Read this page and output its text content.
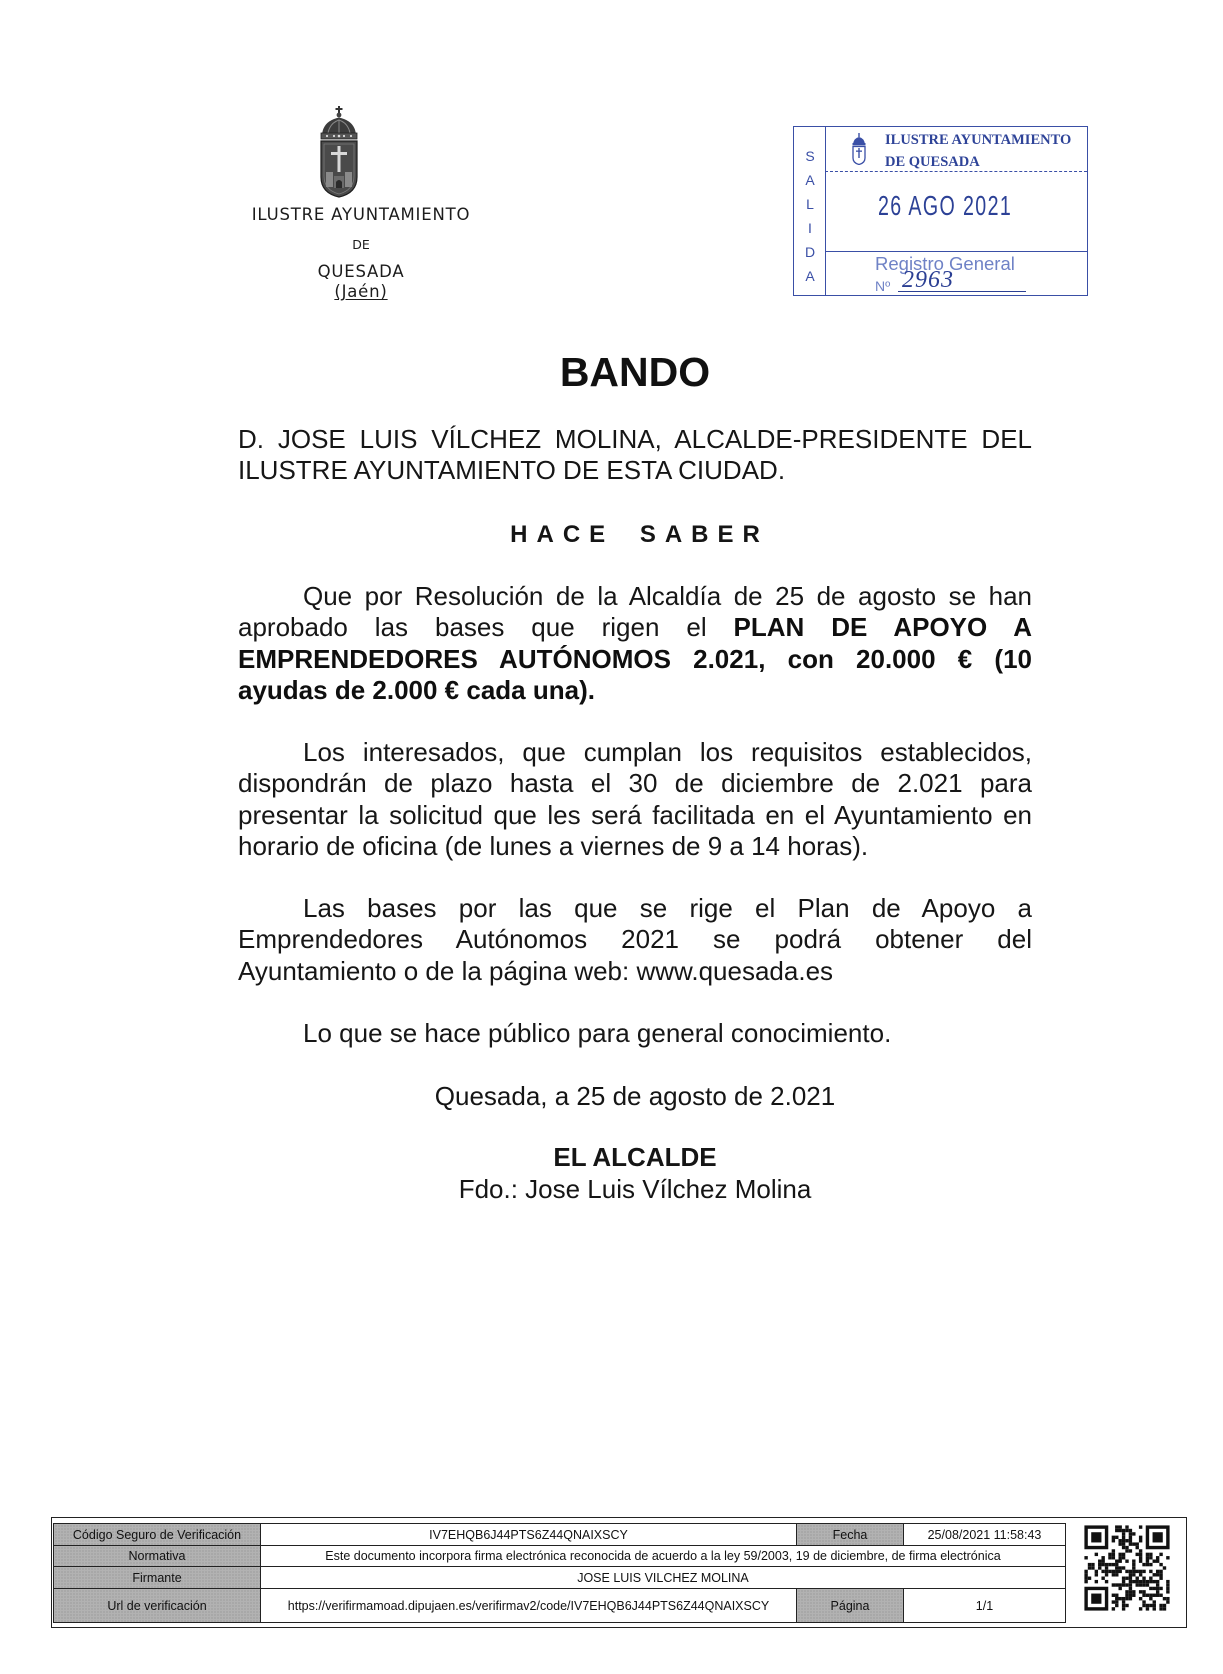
ILUSTRE AYUNTAMIENTO

DE

QUESADA

(Jaén)	SALIDA
ILUSTRE AYUNTAMIENTO
DE QUESADA
26 AGO 2021
Registro General
Nº 2963
BANDO

D. JOSE LUIS VÍLCHEZ MOLINA, ALCALDE-PRESIDENTE DEL ILUSTRE AYUNTAMIENTO DE ESTA CIUDAD.

HACE SABER

Que por Resolución de la Alcaldía de 25 de agosto se han aprobado las bases que rigen el PLAN DE APOYO A EMPRENDEDORES AUTÓNOMOS 2.021, con 20.000 € (10 ayudas de 2.000 € cada una).

Los interesados, que cumplan los requisitos establecidos, dispondrán de plazo hasta el 30 de diciembre de 2.021 para presentar la solicitud que les será facilitada en el Ayuntamiento en horario de oficina (de lunes a viernes de 9 a 14 horas).

Las bases por las que se rige el Plan de Apoyo a Emprendedores Autónomos 2021 se podrá obtener del Ayuntamiento o de la página web: www.quesada.es

Lo que se hace público para general conocimiento.

Quesada, a 25 de agosto de 2.021

EL ALCALDE

Fdo.: Jose Luis Vílchez Molina

Código Seguro de Verificación	IV7EHQB6J44PTS6Z44QNAIXSCY	Fecha	25/08/2021 11:58:43
Normativa	Este documento incorpora firma electrónica reconocida de acuerdo a la ley 59/2003, 19 de diciembre, de firma electrónica		
Firmante	JOSE LUIS VILCHEZ MOLINA		
Url de verificación	https://verifirmamoad.dipujaen.es/verifirmav2/code/IV7EHQB6J44PTS6Z44QNAIXSCY	Página	1/1
